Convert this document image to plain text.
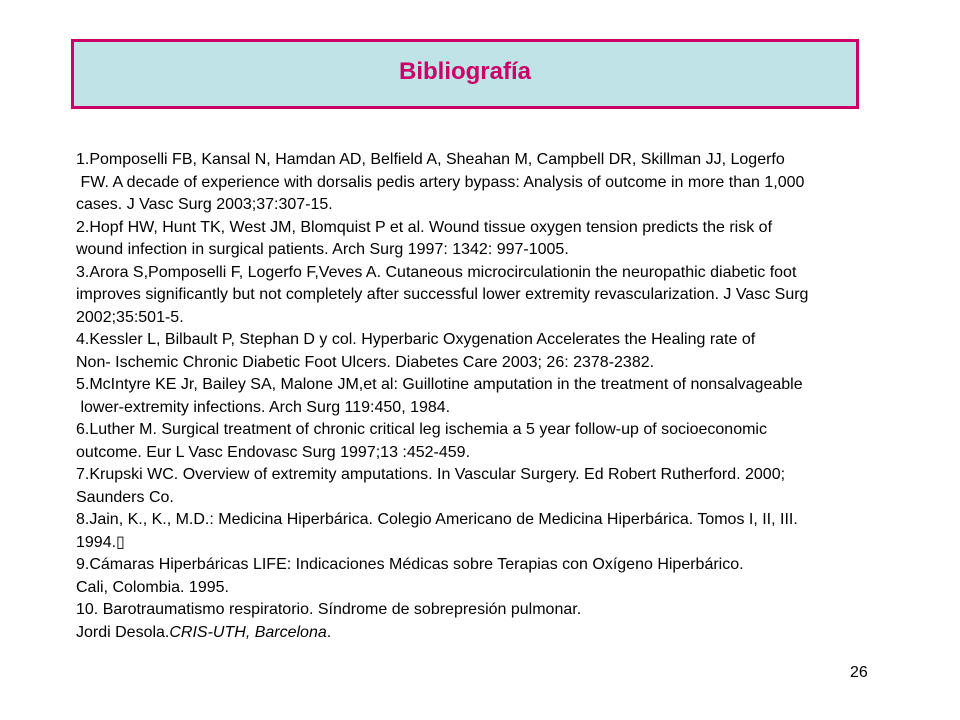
Bibliografía
1.Pomposelli FB, Kansal N, Hamdan AD, Belfield A, Sheahan M, Campbell DR, Skillman JJ, Logerfo
FW. A decade of experience with dorsalis pedis artery bypass: Analysis of outcome in more than 1,000
cases. J Vasc Surg 2003;37:307-15.
2.Hopf HW, Hunt TK, West JM, Blomquist P et al. Wound tissue oxygen tension predicts the risk of
wound infection in surgical patients. Arch Surg 1997: 1342: 997-1005.
3.Arora S,Pomposelli F, Logerfo F,Veves A. Cutaneous microcirculationin the neuropathic diabetic foot
improves significantly but not completely after successful lower extremity revascularization. J Vasc Surg
2002;35:501-5.
4.Kessler L, Bilbault P, Stephan D y col. Hyperbaric Oxygenation Accelerates the Healing rate of
Non- Ischemic Chronic Diabetic Foot Ulcers. Diabetes Care 2003; 26: 2378-2382.
5.McIntyre KE Jr, Bailey SA, Malone JM,et al: Guillotine amputation in the treatment of nonsalvageable
lower-extremity infections. Arch Surg 119:450, 1984.
6.Luther M. Surgical treatment of chronic critical leg ischemia a 5 year follow-up of socioeconomic
outcome. Eur L Vasc Endovasc Surg 1997;13 :452-459.
7.Krupski WC. Overview of extremity amputations. In Vascular Surgery. Ed Robert Rutherford. 2000;
Saunders Co.
8.Jain, K., K., M.D.: Medicina Hiperbárica. Colegio Americano de Medicina Hiperbárica. Tomos I, II, III.
1994.▯
9.Cámaras Hiperbáricas LIFE: Indicaciones Médicas sobre Terapias con Oxígeno Hiperbárico.
Cali, Colombia. 1995.
10. Barotraumatismo respiratorio. Síndrome de sobrepresión pulmonar.
Jordi Desola.CRIS-UTH, Barcelona.
26
